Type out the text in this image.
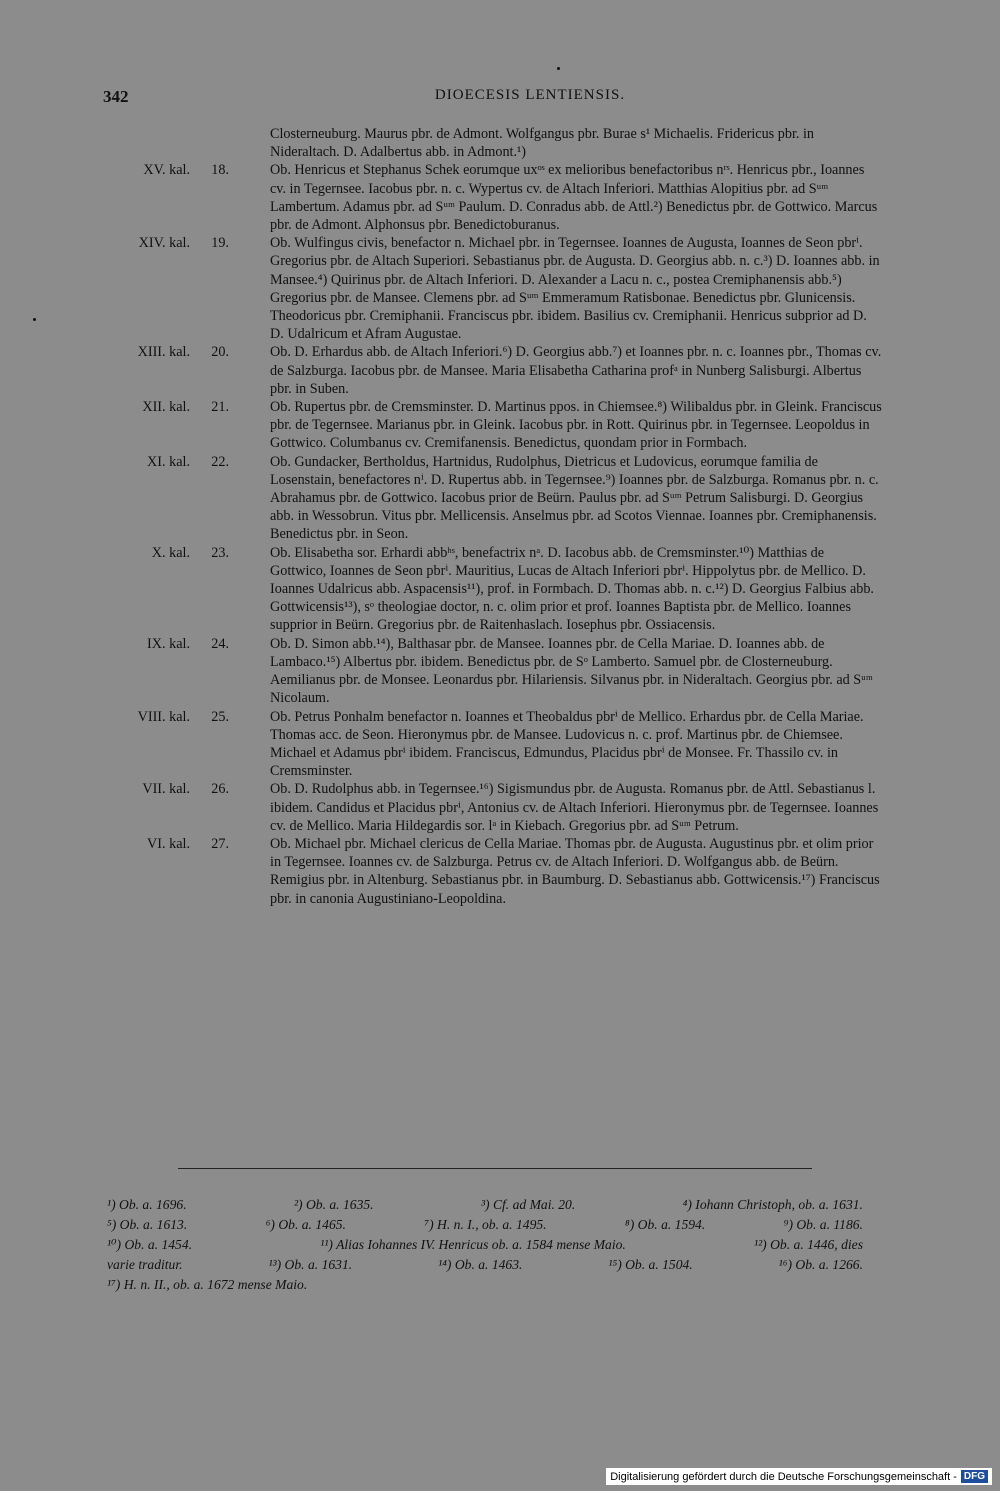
342	DIOECESIS LENTIENSIS.
Closterneuburg. Maurus pbr. de Admont. Wolfgangus pbr. Burae s¹ Michaelis. Fridericus pbr. in Nideraltach. D. Adalbertus abb. in Admont.¹)
XV. kal.	18.	Ob. Henricus et Stephanus Schek eorumque uxᵒˢ ex melioribus benefactoribus nʳˢ. Henricus pbr., Ioannes cv. in Tegernsee. Iacobus pbr. n. c. Wypertus cv. de Altach Inferiori. Matthias Alopitius pbr. ad Sᵘᵐ Lambertum. Adamus pbr. ad Sᵘᵐ Paulum. D. Conradus abb. de Attl.²) Benedictus pbr. de Gottwico. Marcus pbr. de Admont. Alphonsus pbr. Benedictoburanus.
XIV. kal.	19.	Ob. Wulfingus civis, benefactor n. Michael pbr. in Tegernsee. Ioannes de Augusta, Ioannes de Seon pbrⁱ. Gregorius pbr. de Altach Superiori. Sebastianus pbr. de Augusta. D. Georgius abb. n. c.³) D. Ioannes abb. in Mansee.⁴) Quirinus pbr. de Altach Inferiori. D. Alexander a Lacu n. c., postea Cremiphanensis abb.⁵) Gregorius pbr. de Mansee. Clemens pbr. ad Sᵘᵐ Emmeramum Ratisbonae. Benedictus pbr. Glunicensis. Theodoricus pbr. Cremiphanii. Franciscus pbr. ibidem. Basilius cv. Cremiphanii. Henricus subprior ad D. D. Udalricum et Afram Augustae.
XIII. kal.	20.	Ob. D. Erhardus abb. de Altach Inferiori.⁶) D. Georgius abb.⁷) et Ioannes pbr. n. c. Ioannes pbr., Thomas cv. de Salzburga. Iacobus pbr. de Mansee. Maria Elisabetha Catharina profᵃ in Nunberg Salisburgi. Albertus pbr. in Suben.
XII. kal.	21.	Ob. Rupertus pbr. de Cremsminster. D. Martinus ppos. in Chiemsee.⁸) Wilibaldus pbr. in Gleink. Franciscus pbr. de Tegernsee. Marianus pbr. in Gleink. Iacobus pbr. in Rott. Quirinus pbr. in Tegernsee. Leopoldus in Gottwico. Columbanus cv. Cremifanensis. Benedictus, quondam prior in Formbach.
XI. kal.	22.	Ob. Gundacker, Bertholdus, Hartnidus, Rudolphus, Dietricus et Ludovicus, eorumque familia de Losenstain, benefactores nⁱ. D. Rupertus abb. in Tegernsee.⁹) Ioannes pbr. de Salzburga. Romanus pbr. n. c. Abrahamus pbr. de Gottwico. Iacobus prior de Beürn. Paulus pbr. ad Sᵘᵐ Petrum Salisburgi. D. Georgius abb. in Wessobrun. Vitus pbr. Mellicensis. Anselmus pbr. ad Scotos Viennae. Ioannes pbr. Cremiphanensis. Benedictus pbr. in Seon.
X. kal.	23.	Ob. Elisabetha sor. Erhardi abbʰˢ, benefactrix nᵃ. D. Iacobus abb. de Cremsminster.¹⁰) Matthias de Gottwico, Ioannes de Seon pbrⁱ. Mauritius, Lucas de Altach Inferiori pbrⁱ. Hippolytus pbr. de Mellico. D. Ioannes Udalricus abb. Aspacensis¹¹), prof. in Formbach. D. Thomas abb. n. c.¹²) D. Georgius Falbius abb. Gottwicensis¹³), sᵒ theologiae doctor, n. c. olim prior et prof. Ioannes Baptista pbr. de Mellico. Ioannes supprior in Beürn. Gregorius pbr. de Raitenhaslach. Iosephus pbr. Ossiacensis.
IX. kal.	24.	Ob. D. Simon abb.¹⁴), Balthasar pbr. de Mansee. Ioannes pbr. de Cella Mariae. D. Ioannes abb. de Lambaco.¹⁵) Albertus pbr. ibidem. Benedictus pbr. de Sᵒ Lamberto. Samuel pbr. de Closterneuburg. Aemilianus pbr. de Monsee. Leonardus pbr. Hilariensis. Silvanus pbr. in Nideraltach. Georgius pbr. ad Sᵘᵐ Nicolaum.
VIII. kal.	25.	Ob. Petrus Ponhalm benefactor n. Ioannes et Theobaldus pbrⁱ de Mellico. Erhardus pbr. de Cella Mariae. Thomas acc. de Seon. Hieronymus pbr. de Mansee. Ludovicus n. c. prof. Martinus pbr. de Chiemsee. Michael et Adamus pbrⁱ ibidem. Franciscus, Edmundus, Placidus pbrⁱ de Monsee. Fr. Thassilo cv. in Cremsminster.
VII. kal.	26.	Ob. D. Rudolphus abb. in Tegernsee.¹⁶) Sigismundus pbr. de Augusta. Romanus pbr. de Attl. Sebastianus l. ibidem. Candidus et Placidus pbrⁱ, Antonius cv. de Altach Inferiori. Hieronymus pbr. de Tegernsee. Ioannes cv. de Mellico. Maria Hildegardis sor. lᵃ in Kiebach. Gregorius pbr. ad Sᵘᵐ Petrum.
VI. kal.	27.	Ob. Michael pbr. Michael clericus de Cella Mariae. Thomas pbr. de Augusta. Augustinus pbr. et olim prior in Tegernsee. Ioannes cv. de Salzburga. Petrus cv. de Altach Inferiori. D. Wolfgangus abb. de Beürn. Remigius pbr. in Altenburg. Sebastianus pbr. in Baumburg. D. Sebastianus abb. Gottwicensis.¹⁷) Franciscus pbr. in canonia Augustiniano-Leopoldina.
¹) Ob. a. 1696.	²) Ob. a. 1635.	³) Cf. ad Mai. 20.	⁴) Iohann Christoph, ob. a. 1631.
⁵) Ob. a. 1613.	⁶) Ob. a. 1465.	⁷) H. n. I., ob. a. 1495.	⁸) Ob. a. 1594.	⁹) Ob. a. 1186.
¹⁰) Ob. a. 1454.	¹¹) Alias Iohannes IV. Henricus ob. a. 1584 mense Maio.	¹²) Ob. a. 1446, dies
varie traditur.	¹³) Ob. a. 1631.	¹⁴) Ob. a. 1463.	¹⁵) Ob. a. 1504.	¹⁶) Ob. a. 1266.
¹⁷) H. n. II., ob. a. 1672 mense Maio.
Digitalisierung gefördert durch die Deutsche Forschungsgemeinschaft - DFG
